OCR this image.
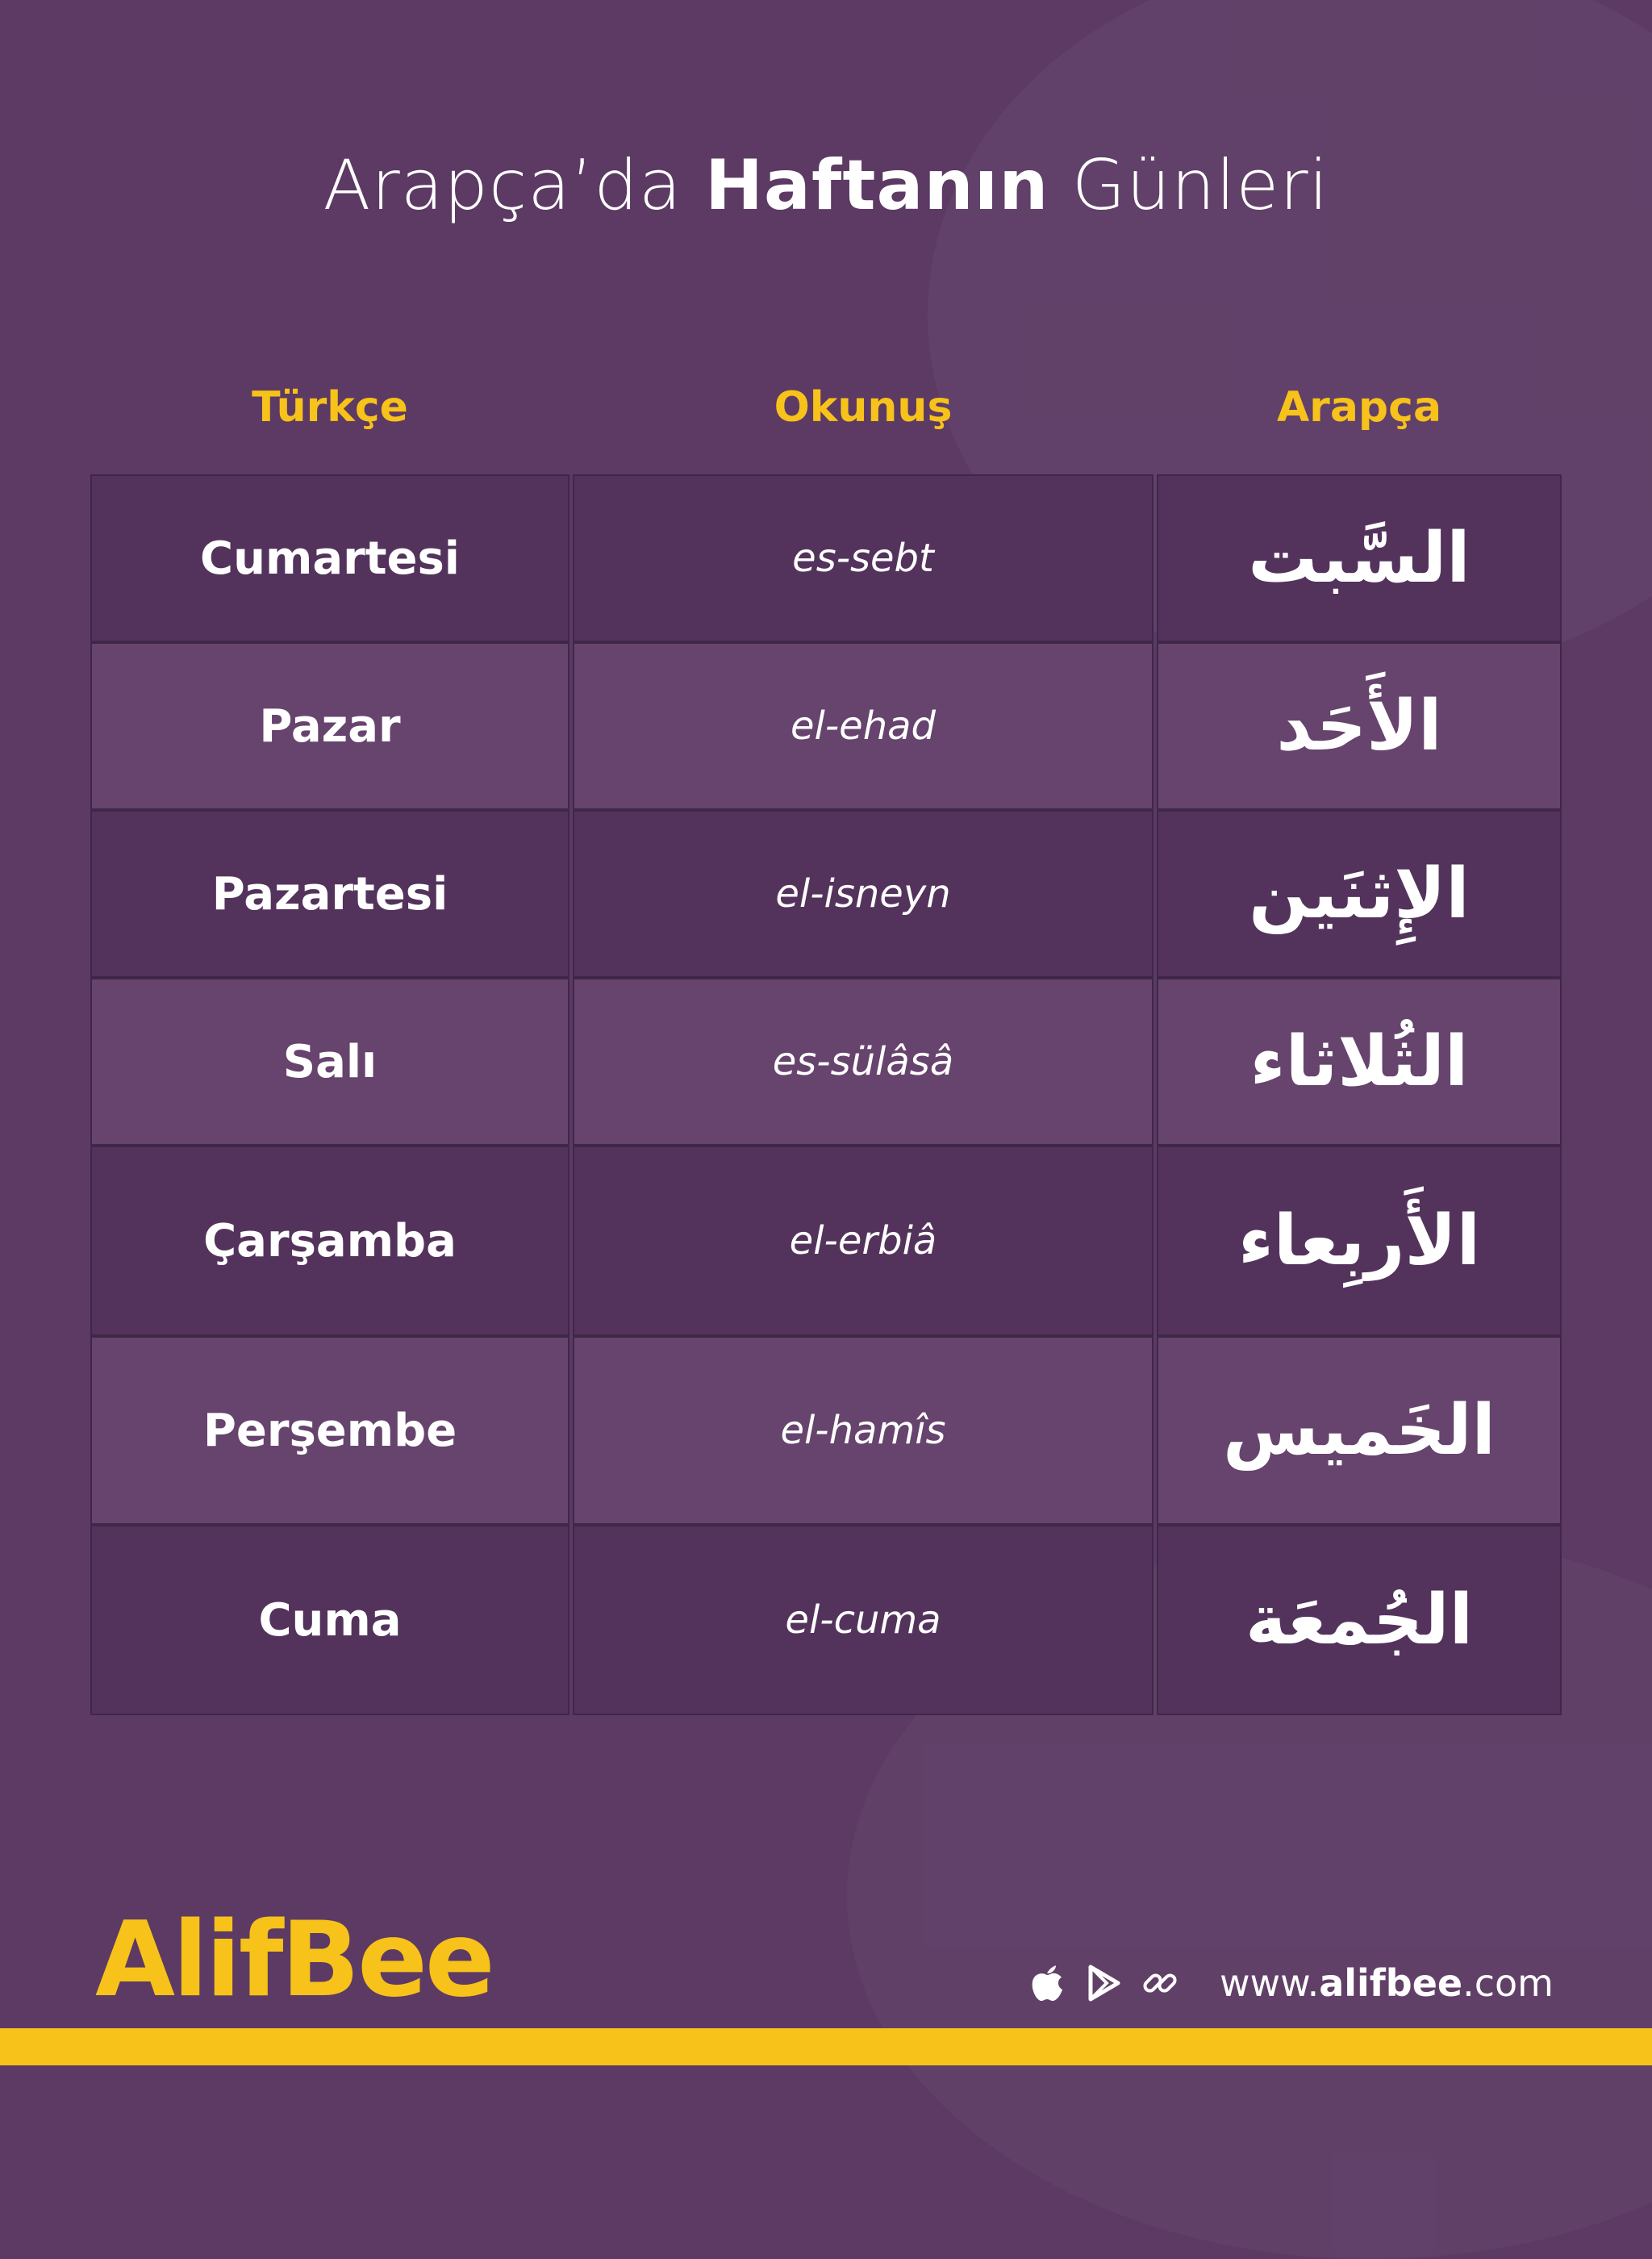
Arapça’da Haftanın Günleri
Türkçe	Okunuş	Arapça
Cumartesi	es-sebt	السَّبت
Pazar	el-ehad	الأَحَد
Pazartesi	el-isneyn	الإِثنَين
Salı	es-sülâsâ	الثُلاثاء
Çarşamba	el-erbiâ	الأَربِعاء
Perşembe	el-hamîs	الخَميس
Cuma	el-cuma	الجُمعَة
AlifBee	www.alifbee.com
